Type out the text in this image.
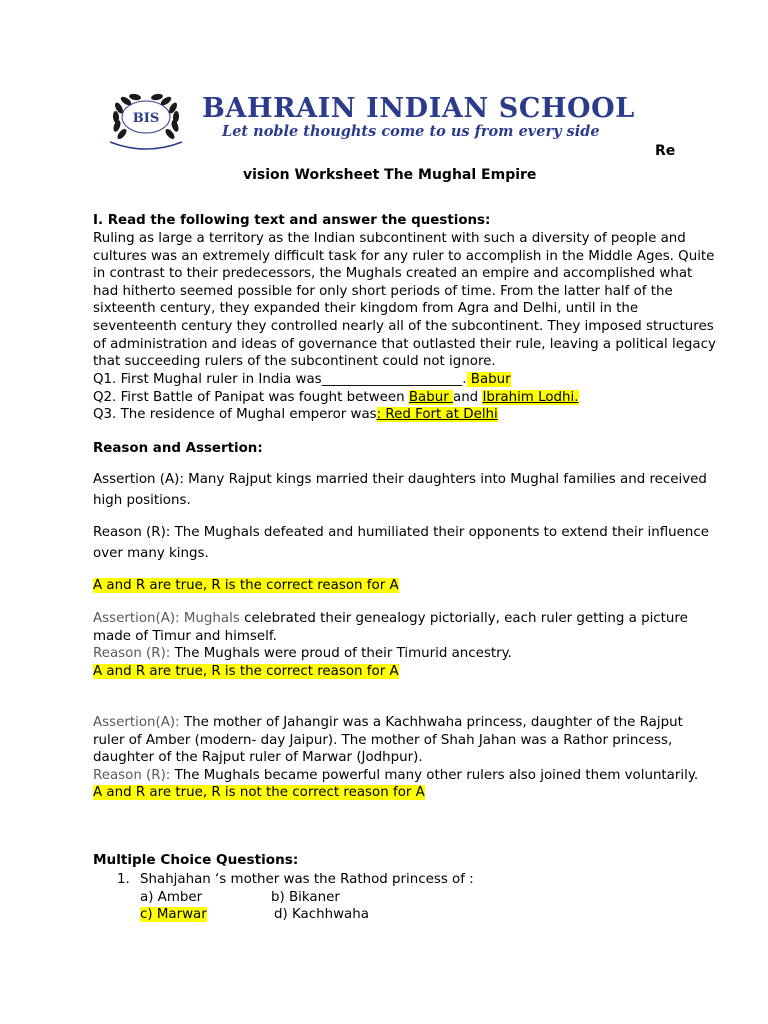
BIS BAHRAIN INDIAN SCHOOL
Let noble thoughts come to us from every side
Re
vision Worksheet The Mughal Empire
I. Read the following text and answer the questions:
Ruling as large a territory as the Indian subcontinent with such a diversity of people and
cultures was an extremely difficult task for any ruler to accomplish in the Middle Ages. Quite
in contrast to their predecessors, the Mughals created an empire and accomplished what
had hitherto seemed possible for only short periods of time. From the latter half of the
sixteenth century, they expanded their kingdom from Agra and Delhi, until in the
seventeenth century they controlled nearly all of the subcontinent. They imposed structures
of administration and ideas of governance that outlasted their rule, leaving a political legacy
that succeeding rulers of the subcontinent could not ignore.
Q1. First Mughal ruler in India was_____________________. Babur
Q2. First Battle of Panipat was fought between Babur and Ibrahim Lodhi.
Q3. The residence of Mughal emperor was: Red Fort at Delhi
Reason and Assertion:
Assertion (A): Many Rajput kings married their daughters into Mughal families and received
high positions.
Reason (R): The Mughals defeated and humiliated their opponents to extend their influence
over many kings.
A and R are true, R is the correct reason for A
Assertion(A): Mughals celebrated their genealogy pictorially, each ruler getting a picture
made of Timur and himself.
Reason (R): The Mughals were proud of their Timurid ancestry.
A and R are true, R is the correct reason for A
Assertion(A): The mother of Jahangir was a Kachhwaha princess, daughter of the Rajput
ruler of Amber (modern- day Jaipur). The mother of Shah Jahan was a Rathor princess,
daughter of the Rajput ruler of Marwar (Jodhpur).
Reason (R): The Mughals became powerful many other rulers also joined them voluntarily.
A and R are true, R is not the correct reason for A
Multiple Choice Questions:
1. Shahjahan ‘s mother was the Rathod princess of :
a) Amber	b) Bikaner
c) Marwar	d) Kachhwaha
